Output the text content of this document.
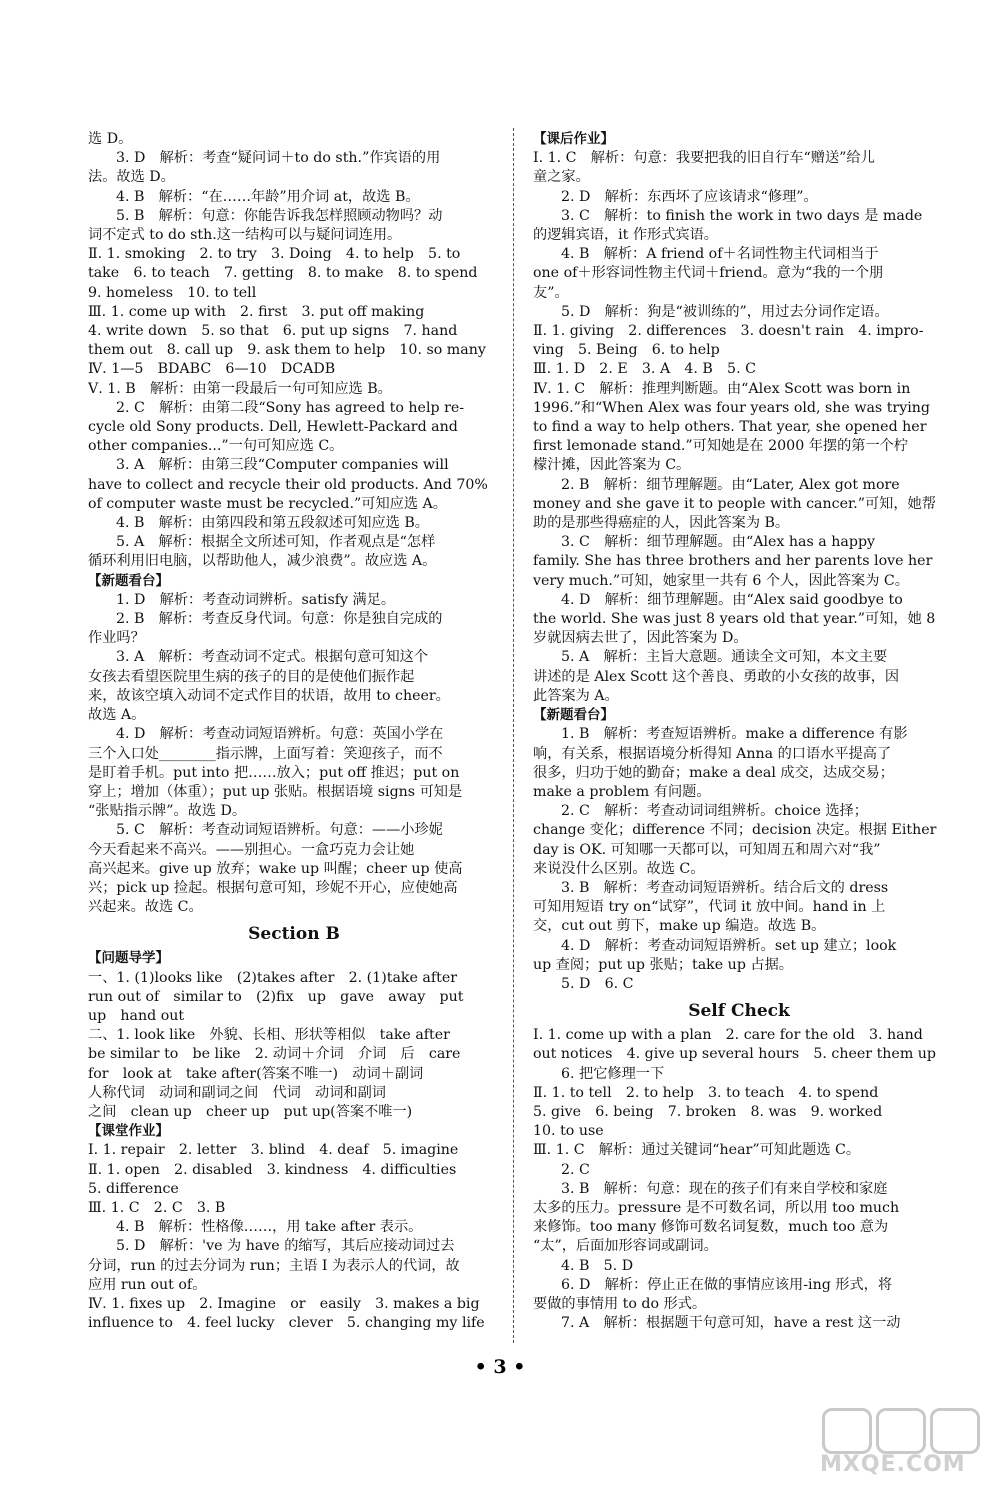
选 D。
3. D　解析：考查“疑问词＋to do sth.”作宾语的用
法。故选 D。
4. B　解析：“在……年龄”用介词 at，故选 B。
5. B　解析：句意：你能告诉我怎样照顾动物吗？动
词不定式 to do sth.这一结构可以与疑问词连用。
Ⅱ. 1. smoking　2. to try　3. Doing　4. to help　5. to
take　6. to teach　7. getting　8. to make　8. to spend
9. homeless　10. to tell
Ⅲ. 1. come up with　2. first　3. put off making
4. write down　5. so that　6. put up signs　7. hand
them out　8. call up　9. ask them to help　10. so many
Ⅳ. 1—5　BDABC　6—10　DCADB
Ⅴ. 1. B　解析：由第一段最后一句可知应选 B。
2. C　解析：由第二段“Sony has agreed to help re-
cycle old Sony products. Dell, Hewlett-Packard and
other companies...”一句可知应选 C。
3. A　解析：由第三段“Computer companies will
have to collect and recycle their old products. And 70%
of computer waste must be recycled.”可知应选 A。
4. B　解析：由第四段和第五段叙述可知应选 B。
5. A　解析：根据全文所述可知，作者观点是“怎样
循环利用旧电脑，以帮助他人，减少浪费”。故应选 A。
【新题看台】
1. D　解析：考查动词辨析。satisfy 满足。
2. B　解析：考查反身代词。句意：你是独自完成的
作业吗？
3. A　解析：考查动词不定式。根据句意可知这个
女孩去看望医院里生病的孩子的目的是使他们振作起
来，故该空填入动词不定式作目的状语，故用 to cheer。
故选 A。
4. D　解析：考查动词短语辨析。句意：英国小学在
三个入口处________指示牌，上面写着：笑迎孩子，而不
是盯着手机。put into 把……放入；put off 推迟；put on
穿上；增加（体重）；put up 张贴。根据语境 signs 可知是
“张贴指示牌”。故选 D。
5. C　解析：考查动词短语辨析。句意：——小珍妮
今天看起来不高兴。——别担心。一盒巧克力会让她
高兴起来。give up 放弃；wake up 叫醒；cheer up 使高
兴；pick up 捡起。根据句意可知，珍妮不开心，应使她高
兴起来。故选 C。
Section B
【问题导学】
一、1. (1)looks like　(2)takes after　2. (1)take after
run out of　similar to　(2)fix　up　gave　away　put
up　hand out
二、1. look like　外貌、长相、形状等相似　take after
be similar to　be like　2. 动词＋介词　介词　后　care
for　look at　take after(答案不唯一)　动词＋副词
人称代词　动词和副词之间　代词　动词和副词
之间　clean up　cheer up　put up(答案不唯一)
【课堂作业】
Ⅰ. 1. repair　2. letter　3. blind　4. deaf　5. imagine
Ⅱ. 1. open　2. disabled　3. kindness　4. difficulties
5. difference
Ⅲ. 1. C　2. C　3. B
4. B　解析：性格像……，用 take after 表示。
5. D　解析：'ve 为 have 的缩写，其后应接动词过去
分词，run 的过去分词为 run；主语 I 为表示人的代词，故
应用 run out of。
Ⅳ. 1. fixes up　2. Imagine　or　easily　3. makes a big
influence to　4. feel lucky　clever　5. changing my life
【课后作业】
Ⅰ. 1. C　解析：句意：我要把我的旧自行车“赠送”给儿
童之家。
2. D　解析：东西坏了应该请求“修理”。
3. C　解析：to finish the work in two days 是 made
的逻辑宾语，it 作形式宾语。
4. B　解析：A friend of＋名词性物主代词相当于
one of＋形容词性物主代词＋friend。意为“我的一个朋
友”。
5. D　解析：狗是“被训练的”，用过去分词作定语。
Ⅱ. 1. giving　2. differences　3. doesn't rain　4. impro-
ving　5. Being　6. to help
Ⅲ. 1. D　2. E　3. A　4. B　5. C
Ⅳ. 1. C　解析：推理判断题。由“Alex Scott was born in
1996.”和“When Alex was four years old, she was trying
to find a way to help others. That year, she opened her
first lemonade stand.”可知她是在 2000 年摆的第一个柠
檬汁摊，因此答案为 C。
2. B　解析：细节理解题。由“Later, Alex got more
money and she gave it to people with cancer.”可知，她帮
助的是那些得癌症的人，因此答案为 B。
3. C　解析：细节理解题。由“Alex has a happy
family. She has three brothers and her parents love her
very much.”可知，她家里一共有 6 个人，因此答案为 C。
4. D　解析：细节理解题。由“Alex said goodbye to
the world. She was just 8 years old that year.”可知，她 8
岁就因病去世了，因此答案为 D。
5. A　解析：主旨大意题。通读全文可知，本文主要
讲述的是 Alex Scott 这个善良、勇敢的小女孩的故事，因
此答案为 A。
【新题看台】
1. B　解析：考查短语辨析。make a difference 有影
响，有关系，根据语境分析得知 Anna 的口语水平提高了
很多，归功于她的勤奋；make a deal 成交，达成交易；
make a problem 有问题。
2. C　解析：考查动词词组辨析。choice 选择；
change 变化；difference 不同；decision 决定。根据 Either
day is OK. 可知哪一天都可以，可知周五和周六对“我”
来说没什么区别。故选 C。
3. B　解析：考查动词短语辨析。结合后文的 dress
可知用短语 try on“试穿”，代词 it 放中间。hand in 上
交，cut out 剪下，make up 编造。故选 B。
4. D　解析：考查动词短语辨析。set up 建立；look
up 查阅；put up 张贴；take up 占据。
5. D　6. C
Self Check
Ⅰ. 1. come up with a plan　2. care for the old　3. hand
out notices　4. give up several hours　5. cheer them up
6. 把它修理一下
Ⅱ. 1. to tell　2. to help　3. to teach　4. to spend
5. give　6. being　7. broken　8. was　9. worked
10. to use
Ⅲ. 1. C　解析：通过关键词“hear”可知此题选 C。
2. C
3. B　解析：句意：现在的孩子们有来自学校和家庭
太多的压力。pressure 是不可数名词，所以用 too much
来修饰。too many 修饰可数名词复数，much too 意为
“太”，后面加形容词或副词。
4. B　5. D
6. D　解析：停止正在做的事情应该用-ing 形式，将
要做的事情用 to do 形式。
7. A　解析：根据题干句意可知，have a rest 这一动
• 3 •
MXQE.COM
